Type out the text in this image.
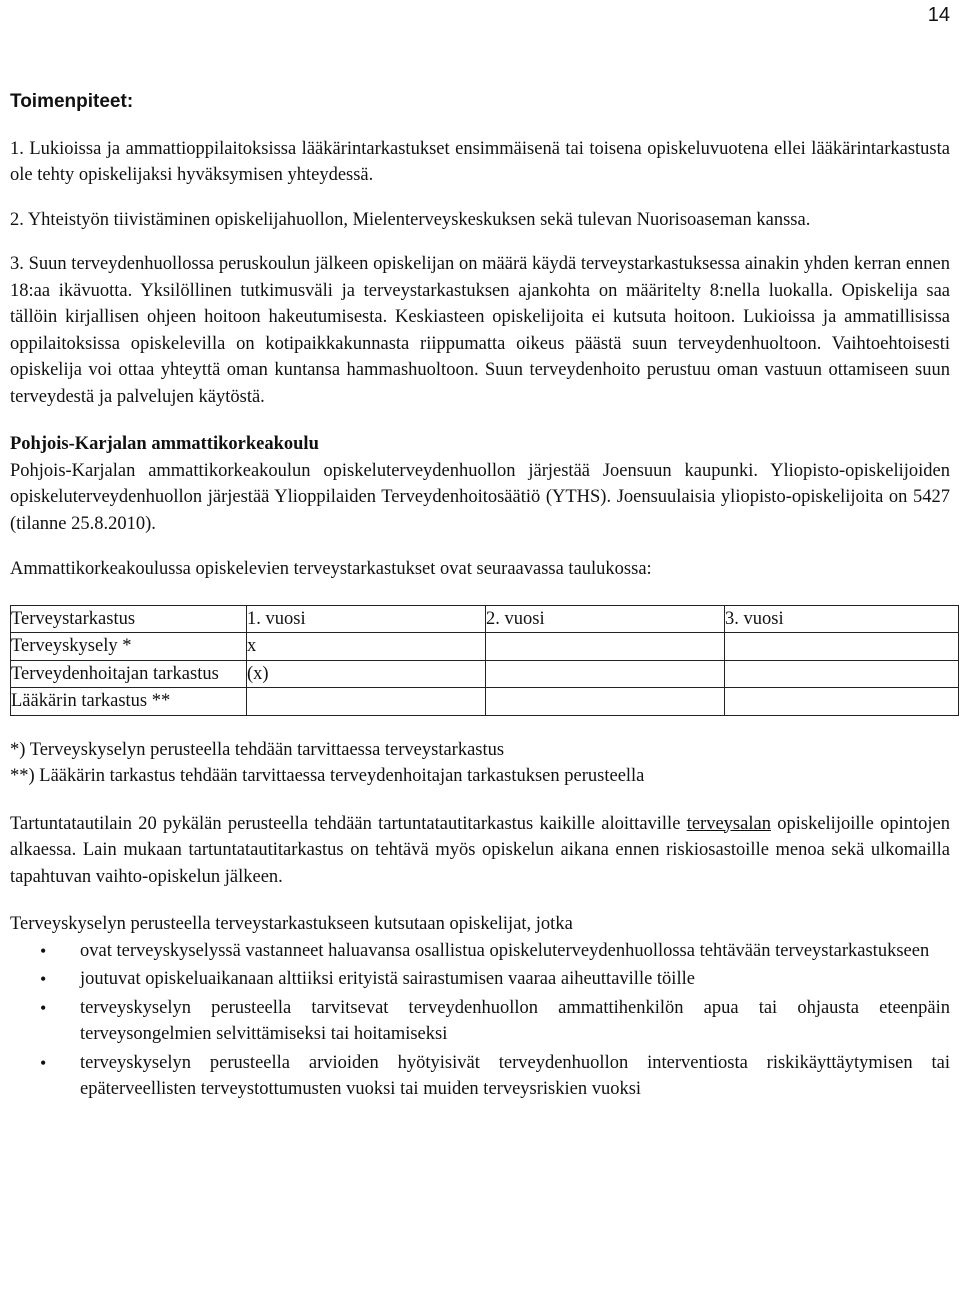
14
Toimenpiteet:

1. Lukioissa ja ammattioppilaitoksissa lääkärintarkastukset ensimmäisenä tai toisena opiskeluvuotena ellei lääkärintarkastusta ole tehty opiskelijaksi hyväksymisen yhteydessä.

2. Yhteistyön tiivistäminen opiskelijahuollon, Mielenterveyskeskuksen sekä tulevan Nuorisoaseman kanssa.

3. Suun terveydenhuollossa peruskoulun jälkeen opiskelijan on määrä käydä terveystarkastuksessa ainakin yhden kerran ennen 18:aa ikävuotta. Yksilöllinen tutkimusväli ja terveystarkastuksen ajankohta on määritelty 8:nella luokalla. Opiskelija saa tällöin kirjallisen ohjeen hoitoon hakeutumisesta. Keskiasteen opiskelijoita ei kutsuta hoitoon. Lukioissa ja ammatillisissa oppilaitoksissa opiskelevilla on kotipaikkakunnasta riippumatta oikeus päästä suun terveydenhuoltoon. Vaihtoehtoisesti opiskelija voi ottaa yhteyttä oman kuntansa hammashuoltoon. Suun terveydenhoito perustuu oman vastuun ottamiseen suun terveydestä ja palvelujen käytöstä.

Pohjois-Karjalan ammattikorkeakoulu

Pohjois-Karjalan ammattikorkeakoulun opiskeluterveydenhuollon järjestää Joensuun kaupunki. Yliopisto-opiskelijoiden opiskeluterveydenhuollon järjestää Ylioppilaiden Terveydenhoitosäätiö (YTHS). Joensuulaisia yliopisto-opiskelijoita on 5427 (tilanne 25.8.2010).

Ammattikorkeakoulussa opiskelevien terveystarkastukset ovat seuraavassa taulukossa:

Terveystarkastus	1. vuosi	2. vuosi	3. vuosi
Terveyskysely *	x		
Terveydenhoitajan tarkastus	(x)		
Lääkärin tarkastus **			

*) Terveyskyselyn perusteella tehdään tarvittaessa terveystarkastus

**) Lääkärin tarkastus tehdään tarvittaessa terveydenhoitajan tarkastuksen perusteella

Tartuntatautilain 20 pykälän perusteella tehdään tartuntatautitarkastus kaikille aloittaville terveysalan opiskelijoille opintojen alkaessa. Lain mukaan tartuntatautitarkastus on tehtävä myös opiskelun aikana ennen riskiosastoille menoa sekä ulkomailla tapahtuvan vaihto-opiskelun jälkeen.

Terveyskyselyn perusteella terveystarkastukseen kutsutaan opiskelijat, jotka

• ovat terveyskyselyssä vastanneet haluavansa osallistua opiskeluterveydenhuollossa tehtävään terveystarkastukseen
• joutuvat opiskeluaikanaan alttiiksi erityistä sairastumisen vaaraa aiheuttaville töille
• terveyskyselyn perusteella tarvitsevat terveydenhuollon ammattihenkilön apua tai ohjausta eteenpäin terveysongelmien selvittämiseksi tai hoitamiseksi
• terveyskyselyn perusteella arvioiden hyötyisivät terveydenhuollon interventiosta riskikäyttäytymisen tai epäterveellisten terveystottumusten vuoksi tai muiden terveysriskien vuoksi
